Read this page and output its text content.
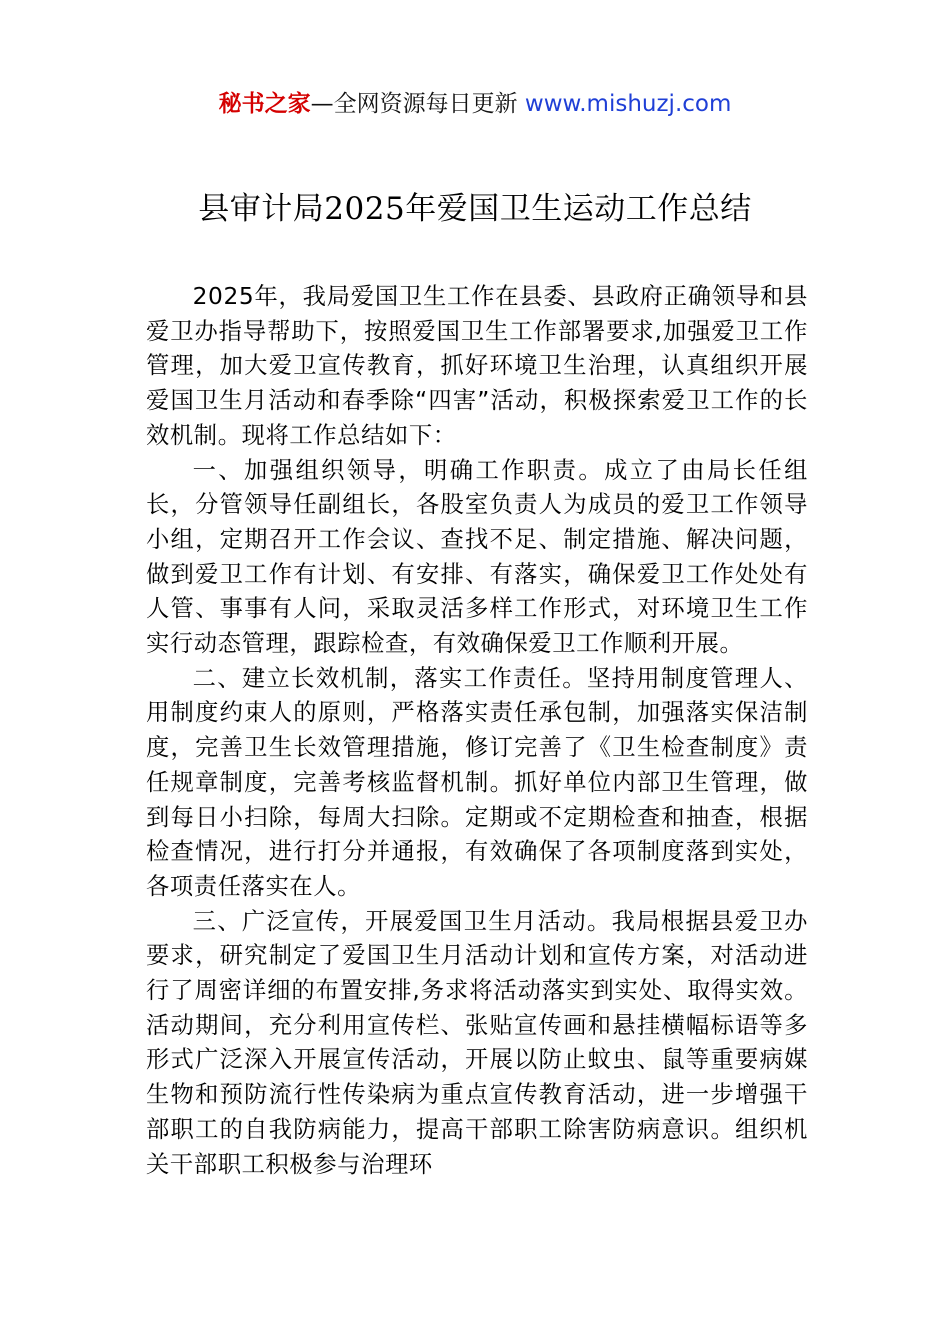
秘书之家—全网资源每日更新 www.mishuzj.com
县审计局2025年爱国卫生运动工作总结

2025年，我局爱国卫生工作在县委、县政府正确领导和县爱卫办指导帮助下，按照爱国卫生工作部署要求,加强爱卫工作管理，加大爱卫宣传教育，抓好环境卫生治理，认真组织开展爱国卫生月活动和春季除“四害”活动，积极探索爱卫工作的长效机制。现将工作总结如下：

一、加强组织领导，明确工作职责。成立了由局长任组长，分管领导任副组长，各股室负责人为成员的爱卫工作领导小组，定期召开工作会议、查找不足、制定措施、解决问题，做到爱卫工作有计划、有安排、有落实，确保爱卫工作处处有人管、事事有人问，采取灵活多样工作形式，对环境卫生工作实行动态管理，跟踪检查，有效确保爱卫工作顺利开展。

二、建立长效机制，落实工作责任。坚持用制度管理人、用制度约束人的原则，严格落实责任承包制，加强落实保洁制度，完善卫生长效管理措施，修订完善了《卫生检查制度》责任规章制度，完善考核监督机制。抓好单位内部卫生管理，做到每日小扫除，每周大扫除。定期或不定期检查和抽查，根据检查情况，进行打分并通报，有效确保了各项制度落到实处，各项责任落实在人。

三、广泛宣传，开展爱国卫生月活动。我局根据县爱卫办要求，研究制定了爱国卫生月活动计划和宣传方案，对活动进行了周密详细的布置安排,务求将活动落实到实处、取得实效。活动期间，充分利用宣传栏、张贴宣传画和悬挂横幅标语等多形式广泛深入开展宣传活动，开展以防止蚊虫、鼠等重要病媒生物和预防流行性传染病为重点宣传教育活动，进一步增强干部职工的自我防病能力，提高干部职工除害防病意识。组织机关干部职工积极参与治理环
